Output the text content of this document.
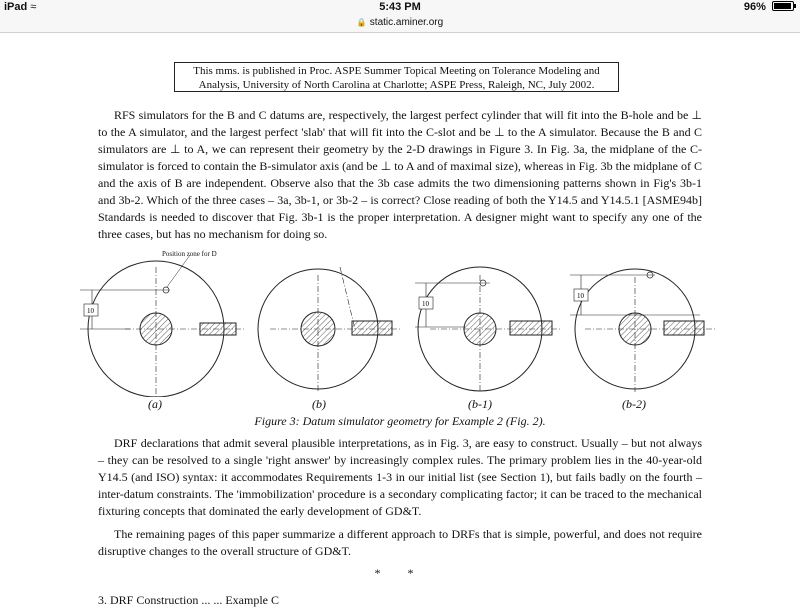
iPad ≈	5:43 PM	96%
🔒 static.aminer.org
This mms. is published in Proc. ASPE Summer Topical Meeting on Tolerance Modeling and Analysis, University of North Carolina at Charlotte; ASPE Press, Raleigh, NC, July 2002.

RFS simulators for the B and C datums are, respectively, the largest perfect cylinder that will fit into the B-hole and be ⊥ to the A simulator, and the largest perfect 'slab' that will fit into the C-slot and be ⊥ to the A simulator. Because the B and C simulators are ⊥ to A, we can represent their geometry by the 2-D drawings in Figure 3. In Fig. 3a, the midplane of the C-simulator is forced to contain the B-simulator axis (and be ⊥ to A and of maximal size), whereas in Fig. 3b the midplane of C and the axis of B are independent. Observe also that the 3b case admits the two dimensioning patterns shown in Fig's 3b-1 and 3b-2. Which of the three cases – 3a, 3b-1, or 3b-2 – is correct? Close reading of both the Y14.5 and Y14.5.1 [ASME94b] Standards is needed to discover that Fig. 3b-1 is the proper interpretation. A designer might want to specify any one of the three cases, but has no mechanism for doing so.

10
10
10
Position zone for D
(a)	(b)	(b-1)	(b-2)
Figure 3: Datum simulator geometry for Example 2 (Fig. 2).

DRF declarations that admit several plausible interpretations, as in Fig. 3, are easy to construct. Usually – but not always – they can be resolved to a single 'right answer' by increasingly complex rules. The primary problem lies in the 40-year-old Y14.5 (and ISO) syntax: it accommodates Requirements 1-3 in our initial list (see Section 1), but fails badly on the fourth – inter-datum constraints. The 'immobilization' procedure is a secondary complicating factor; it can be traced to the mechanical fixturing concepts that dominated the early development of GD&T.

The remaining pages of this paper summarize a different approach to DRFs that is simple, powerful, and does not require disruptive changes to the overall structure of GD&T.

* *
3. DRF Construction ... ... Example C
